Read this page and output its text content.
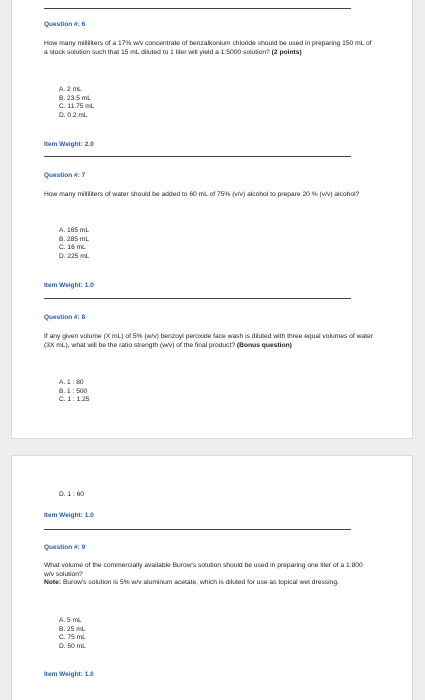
Question #: 6
How many milliliters of a 17% w/v concentrate of benzalkonium chloride should be used in preparing 150 mL of a stock solution such that 15 mL diluted to 1 liter will yield a 1:5000 solution? (2 points)
A. 2 mL
B. 23.5 mL
C. 11.75 mL
D. 0.2 mL
Item Weight: 2.0
Question #: 7
How many milliliters of water should be added to 60 mL of 75% (v/v) alcohol to prepare 20 % (v/v) alcohol?
A. 165 mL
B. 285 mL
C. 16 mL
D. 225 mL
Item Weight: 1.0
Question #: 8
If any given volume (X mL) of 5% (w/v) benzoyl peroxide face wash is diluted with three equal volumes of water (3X mL), what will be the ratio strength (w/v) of the final product? (Bonus question)
A. 1 : 80
B. 1 : 500
C. 1 : 1.25
D. 1 : 60
Item Weight: 1.0
Question #: 9
What volume of the commercially available Burow's solution should be used in preparing one liter of a 1:800 w/v solution?
Note: Burow's solution is 5% w/v aluminum acetate, which is diluted for use as topical wet dressing.
A. 5 mL
B. 25 mL
C. 75 mL
D. 50 mL
Item Weight: 1.0
